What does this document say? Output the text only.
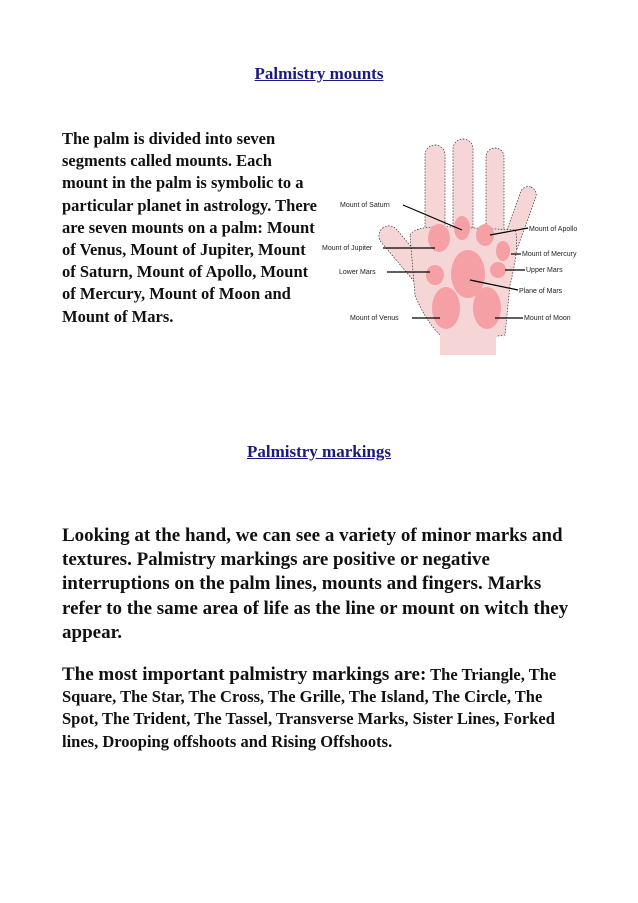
Palmistry mounts
The palm is divided into seven segments called mounts. Each mount in the palm is symbolic to a particular planet in astrology. There are seven mounts on a palm: Mount of Venus, Mount of Jupiter, Mount of Saturn, Mount of Apollo, Mount of Mercury, Mount of Moon and Mount of Mars.
Mount of Saturn
Mount of Apollo
Mount of Jupiter
Mount of Mercury
Lower Mars	Upper Mars
Plane of Mars
Mount of Venus	Mount of Moon
Palmistry markings
Looking at the hand, we can see a variety of minor marks and textures. Palmistry markings are positive or negative interruptions on the palm lines, mounts and fingers. Marks refer to the same area of life as the line or mount on witch they appear.
The most important palmistry markings are: The Triangle, The Square, The Star, The Cross, The Grille, The Island, The Circle, The Spot, The Trident, The Tassel, Transverse Marks, Sister Lines, Forked lines, Drooping offshoots and Rising Offshoots.
